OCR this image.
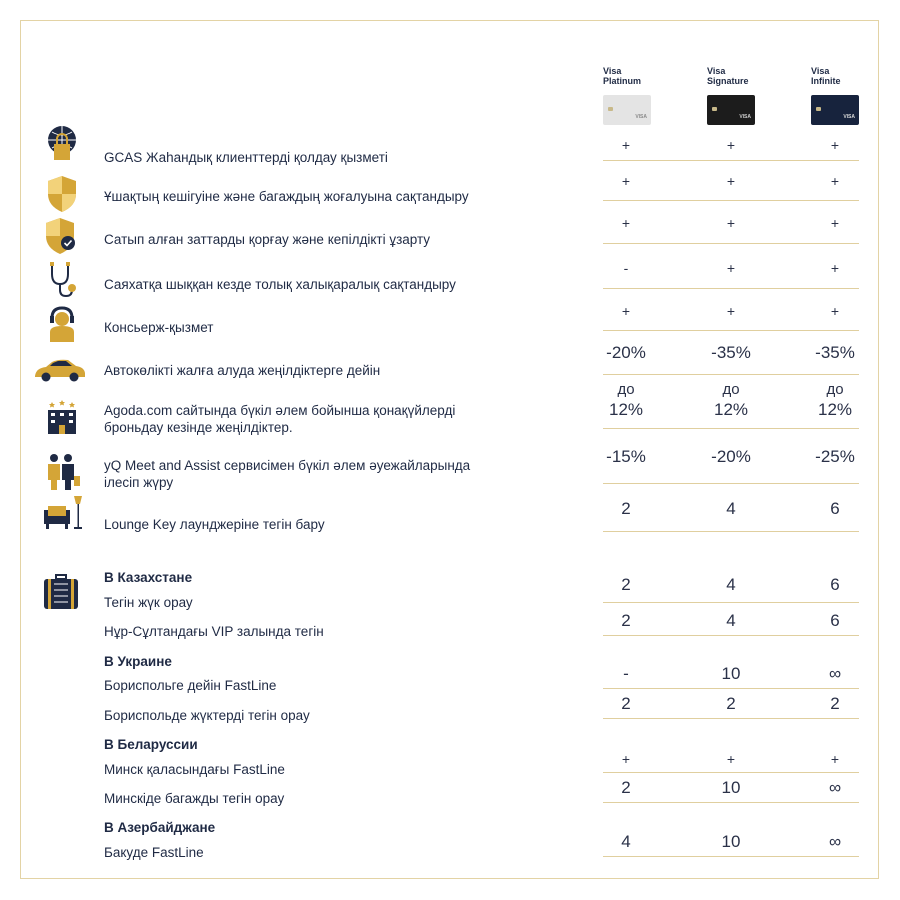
Visa
Platinum
VISA
Visa
Signature
VISA
Visa
Infinite
VISA
GCAS Жаһандық клиенттерді қолдау қызметі
+	+	+
Ұшақтың кешігуіне және багаждың жоғалуына сақтандыру
+	+	+
Сатып алған заттарды қорғау және кепілдікті ұзарту
+	+	+
Саяхатқа шыққан кезде толық халықаралық сақтандыру
-	+	+
Консьерж-қызмет
+	+	+
Автокөлікті жалға алуда жеңілдіктерге дейін
-20%	-35%	-35%
Agoda.com сайтында бүкіл әлем бойынша қонақүйлерді броньдау кезінде жеңілдіктер.
до	до	до
12%	12%	12%
yQ Meet and Assist сервисімен бүкіл әлем әуежайларында ілесіп жүру
-15%	-20%	-25%
Lounge Key лаунджеріне тегін бару
2	4	6
В Казахстане
Тегін жүк орау
2	4	6
Нұр-Сұлтандағы VIP залында тегін
2	4	6
В Украине
Бориспольге дейін FastLine
-	10	∞
Бориспольде жүктерді тегін орау
2	2	2
В Беларуссии
Минск қаласындағы FastLine
+	+	+
Минскіде багажды тегін орау
2	10	∞
В Азербайджане
Бакуде FastLine
4	10	∞
